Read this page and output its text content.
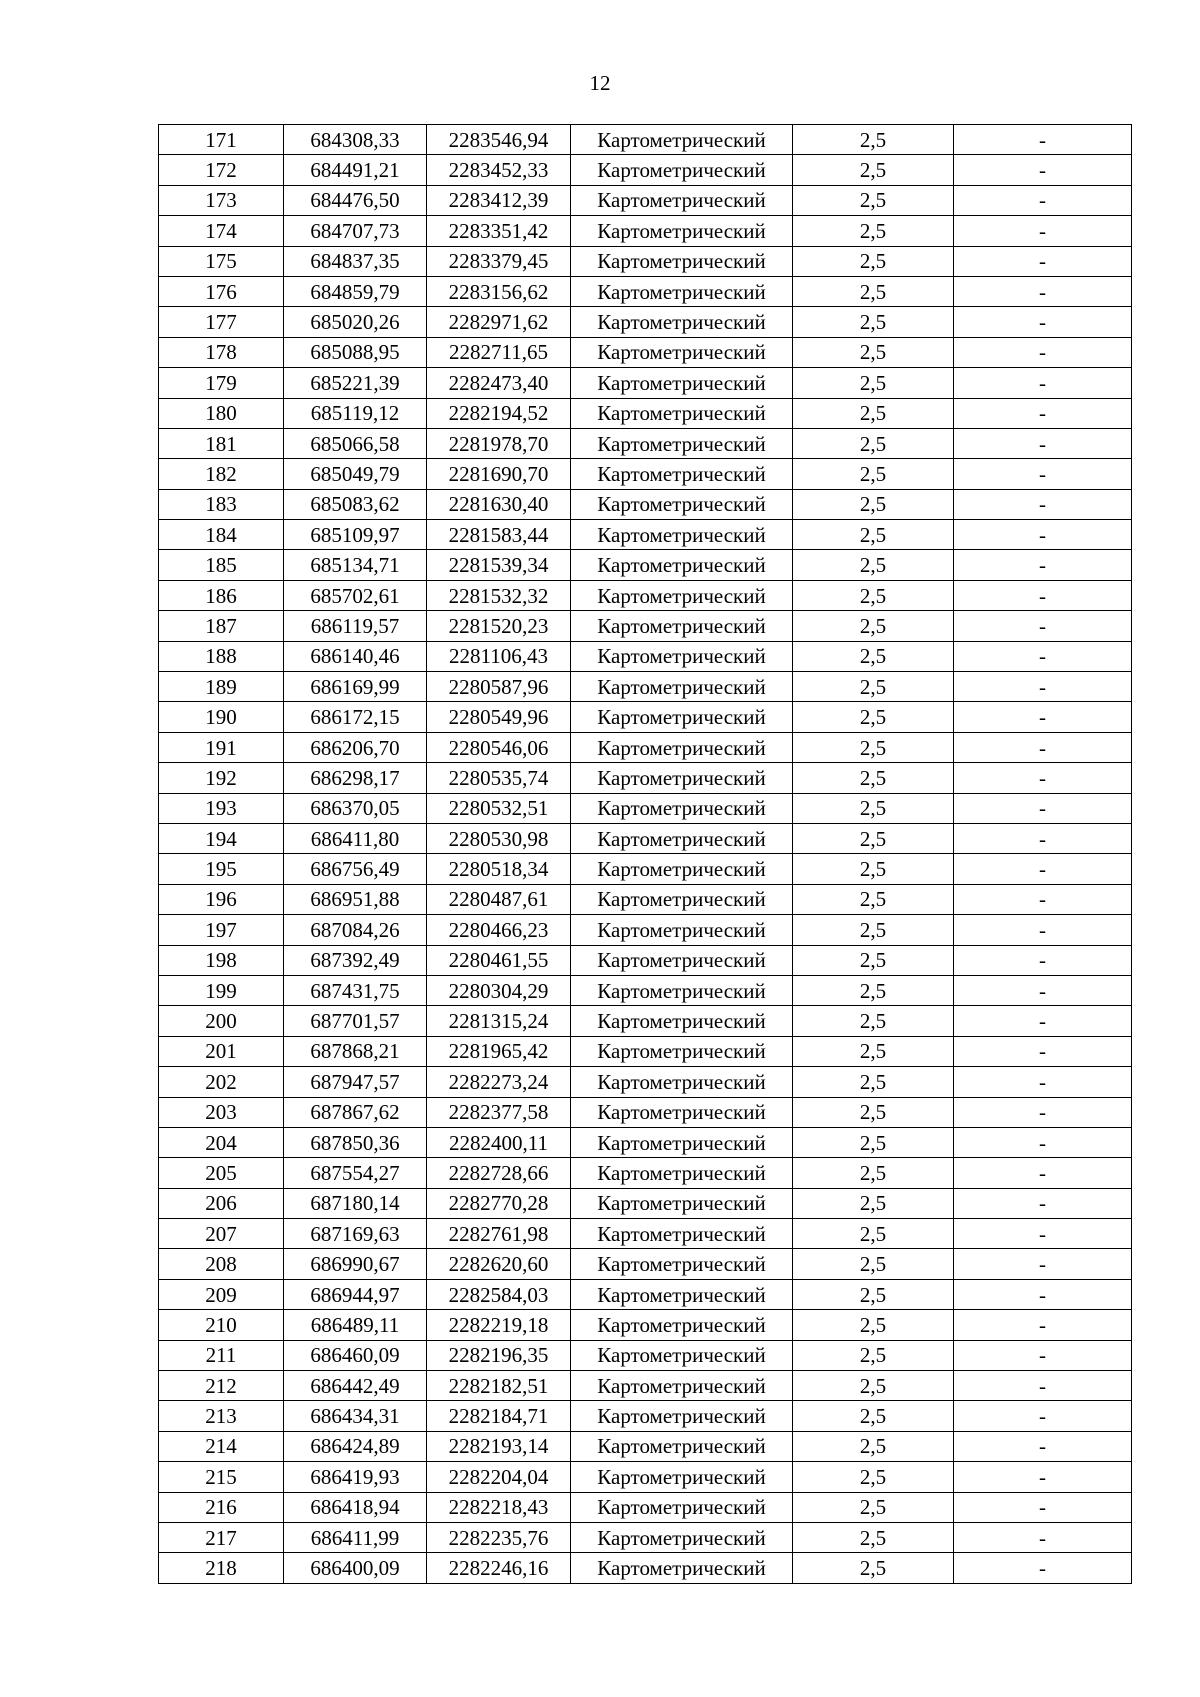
12
171	684308,33	2283546,94	Картометрический	2,5	-
172	684491,21	2283452,33	Картометрический	2,5	-
173	684476,50	2283412,39	Картометрический	2,5	-
174	684707,73	2283351,42	Картометрический	2,5	-
175	684837,35	2283379,45	Картометрический	2,5	-
176	684859,79	2283156,62	Картометрический	2,5	-
177	685020,26	2282971,62	Картометрический	2,5	-
178	685088,95	2282711,65	Картометрический	2,5	-
179	685221,39	2282473,40	Картометрический	2,5	-
180	685119,12	2282194,52	Картометрический	2,5	-
181	685066,58	2281978,70	Картометрический	2,5	-
182	685049,79	2281690,70	Картометрический	2,5	-
183	685083,62	2281630,40	Картометрический	2,5	-
184	685109,97	2281583,44	Картометрический	2,5	-
185	685134,71	2281539,34	Картометрический	2,5	-
186	685702,61	2281532,32	Картометрический	2,5	-
187	686119,57	2281520,23	Картометрический	2,5	-
188	686140,46	2281106,43	Картометрический	2,5	-
189	686169,99	2280587,96	Картометрический	2,5	-
190	686172,15	2280549,96	Картометрический	2,5	-
191	686206,70	2280546,06	Картометрический	2,5	-
192	686298,17	2280535,74	Картометрический	2,5	-
193	686370,05	2280532,51	Картометрический	2,5	-
194	686411,80	2280530,98	Картометрический	2,5	-
195	686756,49	2280518,34	Картометрический	2,5	-
196	686951,88	2280487,61	Картометрический	2,5	-
197	687084,26	2280466,23	Картометрический	2,5	-
198	687392,49	2280461,55	Картометрический	2,5	-
199	687431,75	2280304,29	Картометрический	2,5	-
200	687701,57	2281315,24	Картометрический	2,5	-
201	687868,21	2281965,42	Картометрический	2,5	-
202	687947,57	2282273,24	Картометрический	2,5	-
203	687867,62	2282377,58	Картометрический	2,5	-
204	687850,36	2282400,11	Картометрический	2,5	-
205	687554,27	2282728,66	Картометрический	2,5	-
206	687180,14	2282770,28	Картометрический	2,5	-
207	687169,63	2282761,98	Картометрический	2,5	-
208	686990,67	2282620,60	Картометрический	2,5	-
209	686944,97	2282584,03	Картометрический	2,5	-
210	686489,11	2282219,18	Картометрический	2,5	-
211	686460,09	2282196,35	Картометрический	2,5	-
212	686442,49	2282182,51	Картометрический	2,5	-
213	686434,31	2282184,71	Картометрический	2,5	-
214	686424,89	2282193,14	Картометрический	2,5	-
215	686419,93	2282204,04	Картометрический	2,5	-
216	686418,94	2282218,43	Картометрический	2,5	-
217	686411,99	2282235,76	Картометрический	2,5	-
218	686400,09	2282246,16	Картометрический	2,5	-
